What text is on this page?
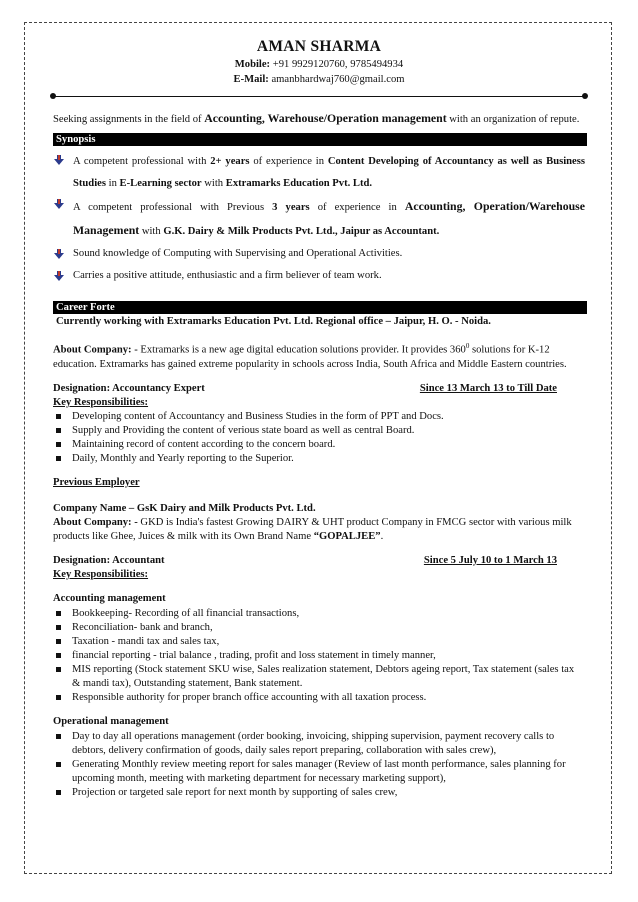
AMAN SHARMA
Mobile: +91 9929120760, 9785494934
E-Mail: amanbhardwaj760@gmail.com
Seeking assignments in the field of Accounting, Warehouse/Operation management with an organization of repute.
Synopsis
A competent professional with 2+ years of experience in Content Developing of Accountancy as well as Business Studies in E-Learning sector with Extramarks Education Pvt. Ltd.
A competent professional with Previous 3 years of experience in Accounting, Operation/Warehouse Management with G.K. Dairy & Milk Products Pvt. Ltd., Jaipur as Accountant.
Sound knowledge of Computing with Supervising and Operational Activities.
Carries a positive attitude, enthusiastic and a firm believer of team work.
Career Forte
Currently working with Extramarks Education Pvt. Ltd. Regional office – Jaipur, H. O. - Noida.
About Company: - Extramarks is a new age digital education solutions provider. It provides $360^0$ solutions for K-12 education. Extramarks has gained extreme popularity in schools across India, South Africa and Middle Eastern countries.
Designation: Accountancy Expert	Since 13 March 13 to Till Date
Key Responsibilities:
Developing content of Accountancy and Business Studies in the form of PPT and Docs.
Supply and Providing the content of verious state board as well as central Board.
Maintaining record of content according to the concern board.
Daily, Monthly and Yearly reporting to the Superior.
Previous Employer
Company Name – GsK Dairy and Milk Products Pvt. Ltd.
About Company: - GKD is India's fastest Growing DAIRY & UHT product Company in FMCG sector with various milk products like Ghee, Juices & milk with its Own Brand Name “GOPALJEE”.
Designation: Accountant	Since 5 July 10 to 1 March 13
Key Responsibilities:
Accounting management
Bookkeeping- Recording of all financial transactions,
Reconciliation- bank and branch,
Taxation - mandi tax and sales tax,
financial reporting - trial balance , trading, profit and loss statement in timely manner,
MIS reporting (Stock statement SKU wise, Sales realization statement, Debtors ageing report, Tax statement (sales tax & mandi tax), Outstanding statement, Bank statement.
Responsible authority for proper branch office accounting with all taxation process.
Operational management
Day to day all operations management (order booking, invoicing, shipping supervision, payment recovery calls to debtors, delivery confirmation of goods, daily sales report preparing, collaboration with sales crew),
Generating Monthly review meeting report for sales manager (Review of last month performance, sales planning for upcoming month, meeting with marketing department for necessary marketing support),
Projection or targeted sale report for next month by supporting of sales crew,
